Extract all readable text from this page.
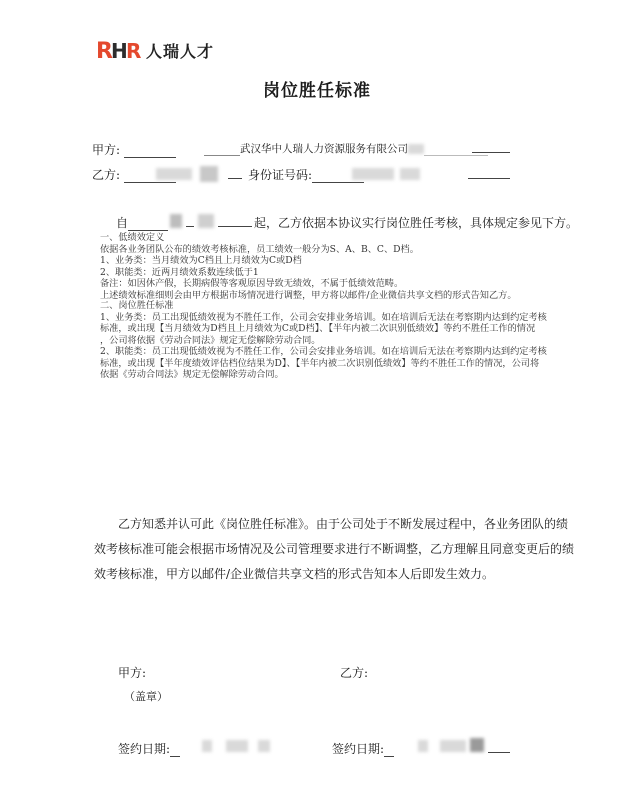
R H R 人瑞人才
岗位胜任标准
甲方:	武汉华中人瑞人力资源服务有限公司
乙方:	身份证号码:
自	起，乙方依据本协议实行岗位胜任考核，具体规定参见下方。
一、低绩效定义
依据各业务团队公布的绩效考核标准，员工绩效一般分为S、A、B、C、D档。
1、业务类：当月绩效为C档且上月绩效为C或D档
2、职能类：近两月绩效系数连续低于1
备注：如因休产假，长期病假等客观原因导致无绩效，不属于低绩效范畴。
上述绩效标准细则会由甲方根据市场情况进行调整，甲方将以邮件/企业微信共享文档的形式告知乙方。
二、岗位胜任标准
1、业务类：员工出现低绩效视为不胜任工作，公司会安排业务培训。如在培训后无法在考察期内达到约定考核
标准，或出现【当月绩效为D档且上月绩效为C或D档】、【半年内被二次识别低绩效】等约不胜任工作的情况
，公司将依据《劳动合同法》规定无偿解除劳动合同。
2、职能类：员工出现低绩效视为不胜任工作，公司会安排业务培训。如在培训后无法在考察期内达到约定考核
标准，或出现【半年度绩效评估档位结果为D】、【半年内被二次识别低绩效】等约不胜任工作的情况，公司将
依据《劳动合同法》规定无偿解除劳动合同。
乙方知悉并认可此《岗位胜任标准》。由于公司处于不断发展过程中，各业务团队的绩
效考核标准可能会根据市场情况及公司管理要求进行不断调整，乙方理解且同意变更后的绩
效考核标准，甲方以邮件/企业微信共享文档的形式告知本人后即发生效力。
甲方:	乙方:
（盖章）
签约日期:	签约日期:
